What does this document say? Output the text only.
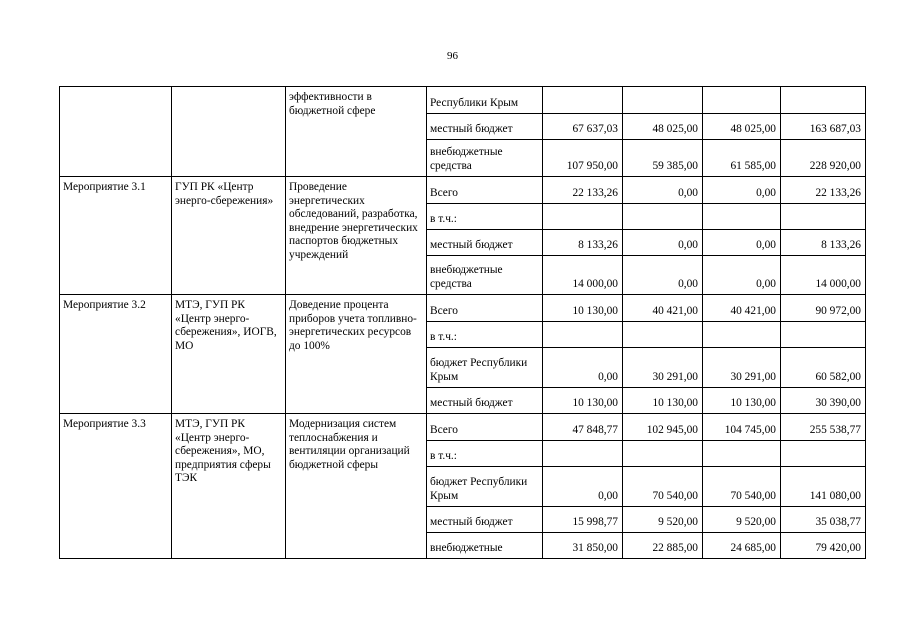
96
		эффективности в бюджетной сфере	Республики Крым				
			местный бюджет	67 637,03	48 025,00	48 025,00	163 687,03
			внебюджетные средства	107 950,00	59 385,00	61 585,00	228 920,00
Мероприятие 3.1	ГУП РК «Центр энерго-сбережения»	Проведение энергетических обследований, разработка, внедрение энергетических паспортов бюджетных учреждений	Всего	22 133,26	0,00	0,00	22 133,26
			в т.ч.:				
			местный бюджет	8 133,26	0,00	0,00	8 133,26
			внебюджетные средства	14 000,00	0,00	0,00	14 000,00
Мероприятие 3.2	МТЭ, ГУП РК «Центр энерго-сбережения», ИОГВ, МО	Доведение процента приборов учета топливно-энергетических ресурсов до 100%	Всего	10 130,00	40 421,00	40 421,00	90 972,00
			в т.ч.:				
			бюджет Республики Крым	0,00	30 291,00	30 291,00	60 582,00
			местный бюджет	10 130,00	10 130,00	10 130,00	30 390,00
Мероприятие 3.3	МТЭ, ГУП РК «Центр энерго-сбережения», МО, предприятия сферы ТЭК	Модернизация систем теплоснабжения и вентиляции организаций бюджетной сферы	Всего	47 848,77	102 945,00	104 745,00	255 538,77
			в т.ч.:				
			бюджет Республики Крым	0,00	70 540,00	70 540,00	141 080,00
			местный бюджет	15 998,77	9 520,00	9 520,00	35 038,77
			внебюджетные	31 850,00	22 885,00	24 685,00	79 420,00
